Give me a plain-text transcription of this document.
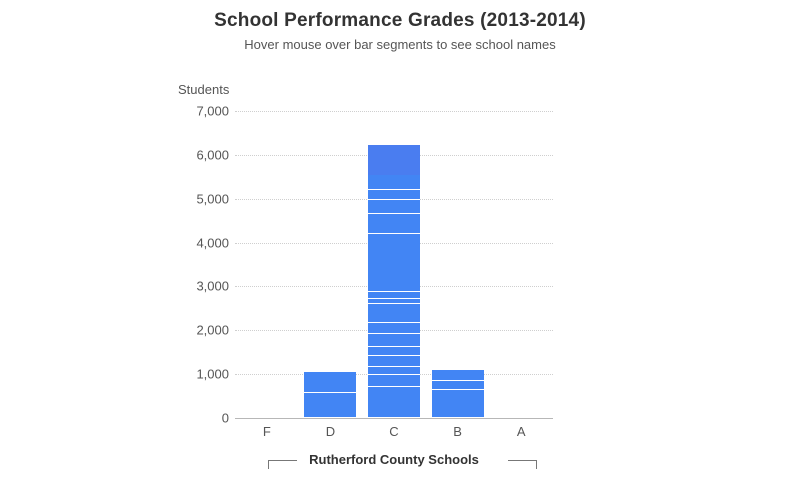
School Performance Grades (2013-2014)
Hover mouse over bar segments to see school names
Students
0
1,000
2,000
3,000
4,000
5,000
6,000
7,000
F	D	C	B	A
Rutherford County Schools
